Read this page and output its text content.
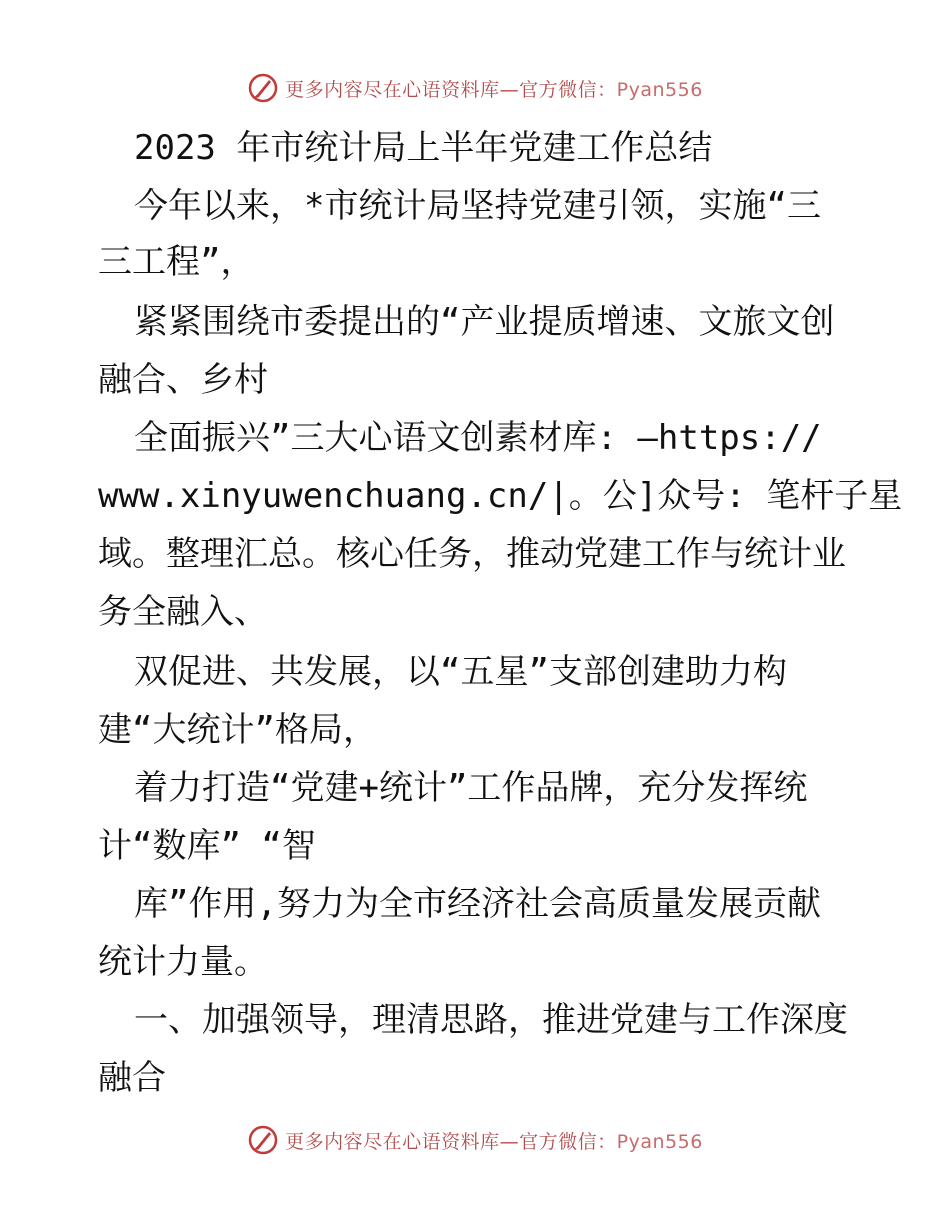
更多内容尽在心语资料库—官方微信：Pyan556
2023 年市统计局上半年党建工作总结
今年以来，*市统计局坚持党建引领，实施“三
三工程”，
紧紧围绕市委提出的“产业提质增速、文旅文创
融合、乡村
全面振兴”三大心语文创素材库: —https://
www.xinyuwenchuang.cn/|。公]众号: 笔杆子星
域。整理汇总。核心任务，推动党建工作与统计业
务全融入、
双促进、共发展，以“五星”支部创建助力构
建“大统计”格局，
着力打造“党建+统计”工作品牌，充分发挥统
计“数库” “智
库”作用,努力为全市经济社会高质量发展贡献
统计力量。
一、加强领导，理清思路，推进党建与工作深度
融合
更多内容尽在心语资料库—官方微信：Pyan556
